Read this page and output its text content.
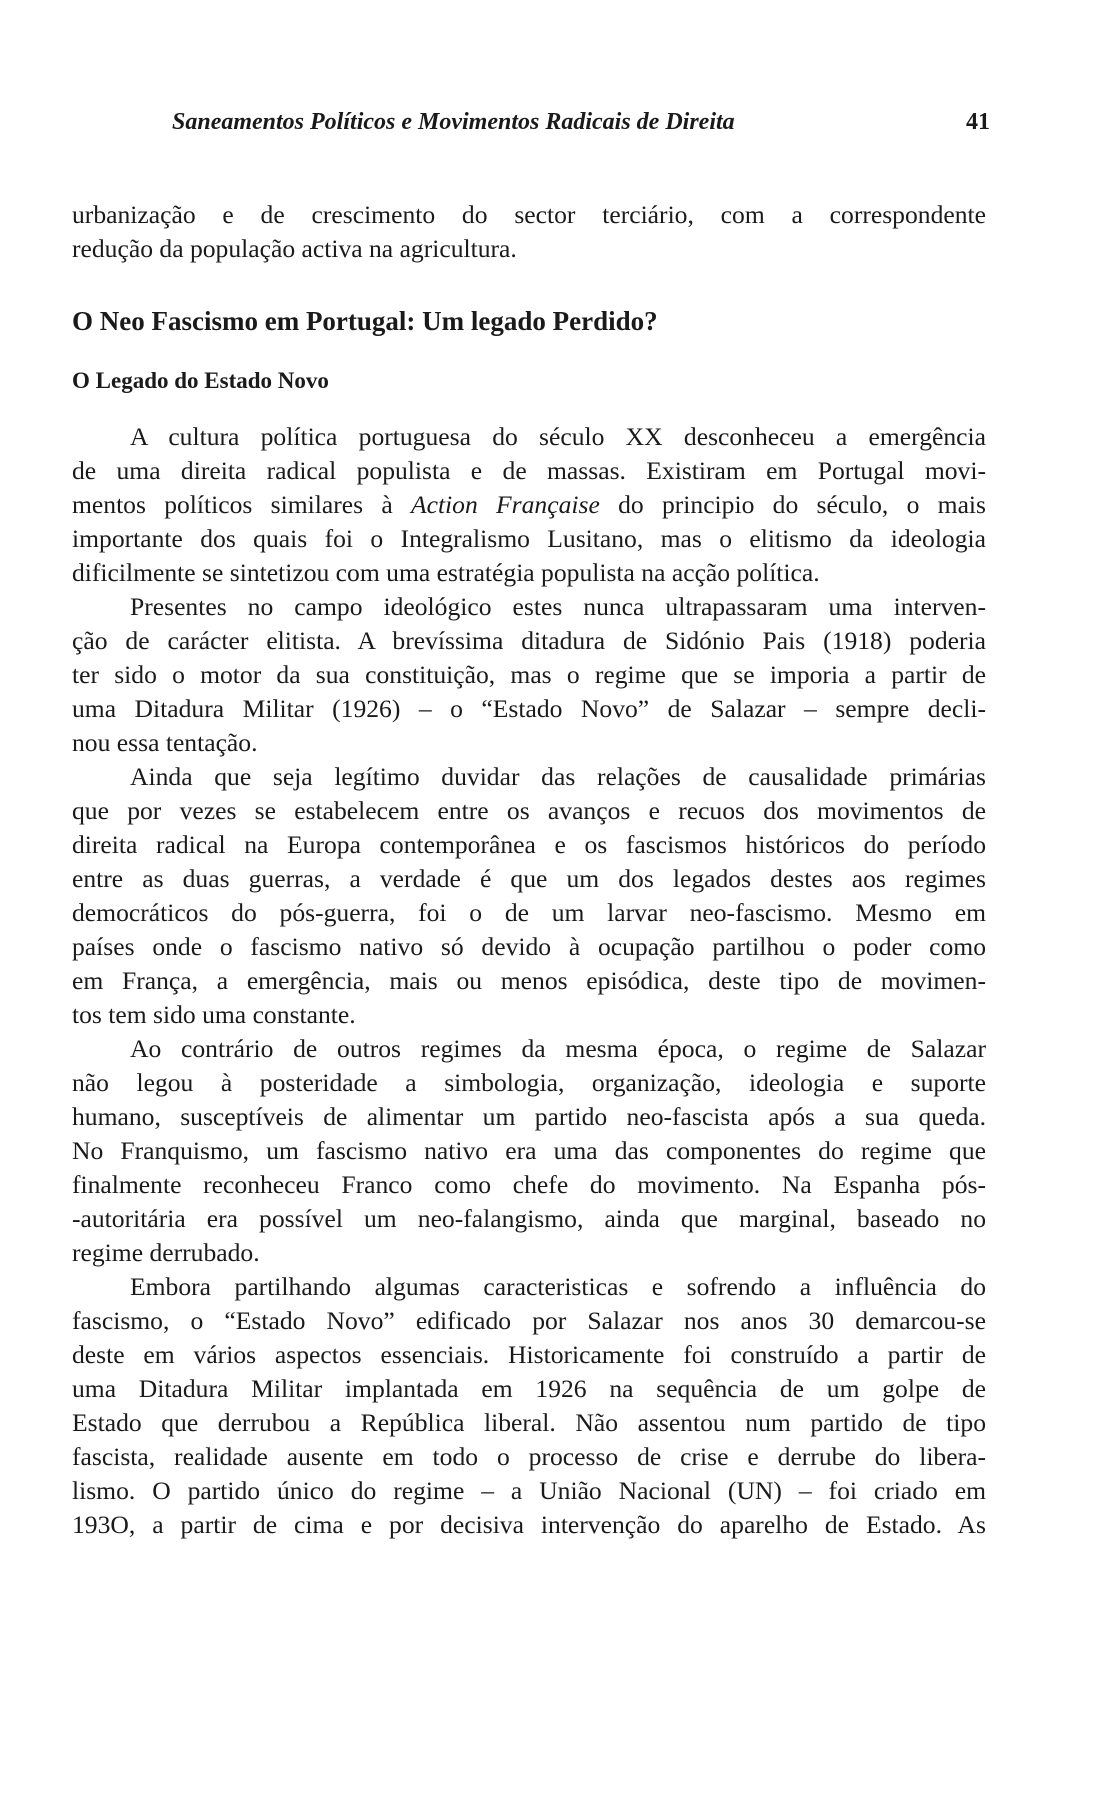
Saneamentos Políticos e Movimentos Radicais de Direita	41
urbanização e de crescimento do sector terciário, com a correspondente
redução da população activa na agricultura.
O Neo Fascismo em Portugal: Um legado Perdido?
O Legado do Estado Novo
A cultura política portuguesa do século XX desconheceu a emergência
de uma direita radical populista e de massas. Existiram em Portugal movi-
mentos políticos similares à Action Française do principio do século, o mais
importante dos quais foi o Integralismo Lusitano, mas o elitismo da ideologia
dificilmente se sintetizou com uma estratégia populista na acção política.
Presentes no campo ideológico estes nunca ultrapassaram uma interven-
ção de carácter elitista. A brevíssima ditadura de Sidónio Pais (1918) poderia
ter sido o motor da sua constituição, mas o regime que se imporia a partir de
uma Ditadura Militar (1926) – o “Estado Novo” de Salazar – sempre decli-
nou essa tentação.
Ainda que seja legítimo duvidar das relações de causalidade primárias
que por vezes se estabelecem entre os avanços e recuos dos movimentos de
direita radical na Europa contemporânea e os fascismos históricos do período
entre as duas guerras, a verdade é que um dos legados destes aos regimes
democráticos do pós-guerra, foi o de um larvar neo-fascismo. Mesmo em
países onde o fascismo nativo só devido à ocupação partilhou o poder como
em França, a emergência, mais ou menos episódica, deste tipo de movimen-
tos tem sido uma constante.
Ao contrário de outros regimes da mesma época, o regime de Salazar
não legou à posteridade a simbologia, organização, ideologia e suporte
humano, susceptíveis de alimentar um partido neo-fascista após a sua queda.
No Franquismo, um fascismo nativo era uma das componentes do regime que
finalmente reconheceu Franco como chefe do movimento. Na Espanha pós-
-autoritária era possível um neo-falangismo, ainda que marginal, baseado no
regime derrubado.
Embora partilhando algumas caracteristicas e sofrendo a influência do
fascismo, o “Estado Novo” edificado por Salazar nos anos 30 demarcou-se
deste em vários aspectos essenciais. Historicamente foi construído a partir de
uma Ditadura Militar implantada em 1926 na sequência de um golpe de
Estado que derrubou a República liberal. Não assentou num partido de tipo
fascista, realidade ausente em todo o processo de crise e derrube do libera-
lismo. O partido único do regime – a União Nacional (UN) – foi criado em
193O, a partir de cima e por decisiva intervenção do aparelho de Estado. As
